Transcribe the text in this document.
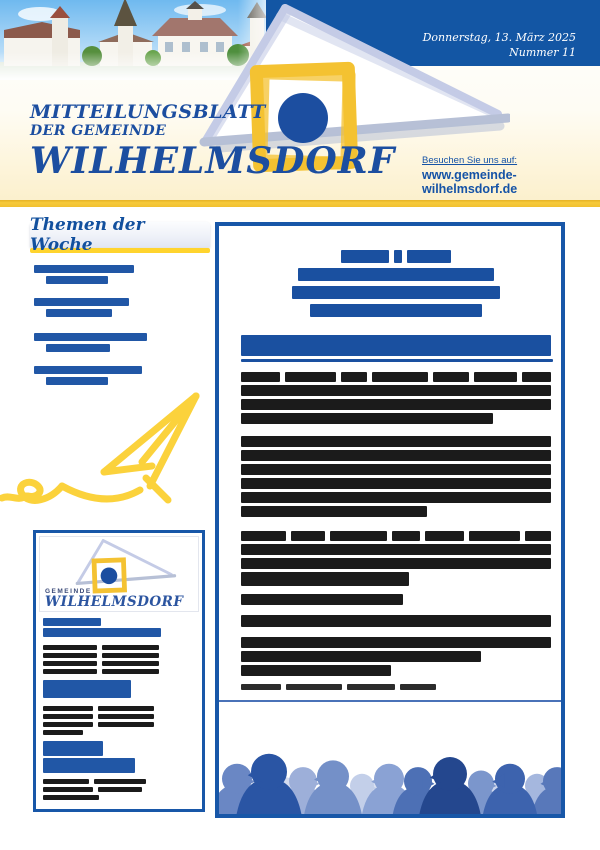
Donnerstag, 13. März 2025
Nummer 11
MITTEILUNGSBLATT
DER GEMEINDE
WILHELMSDORF	Besuchen Sie uns auf:
www.gemeinde-wilhelmsdorf.de
Themen der Woche
GEMEINDE
WILHELMSDORF
